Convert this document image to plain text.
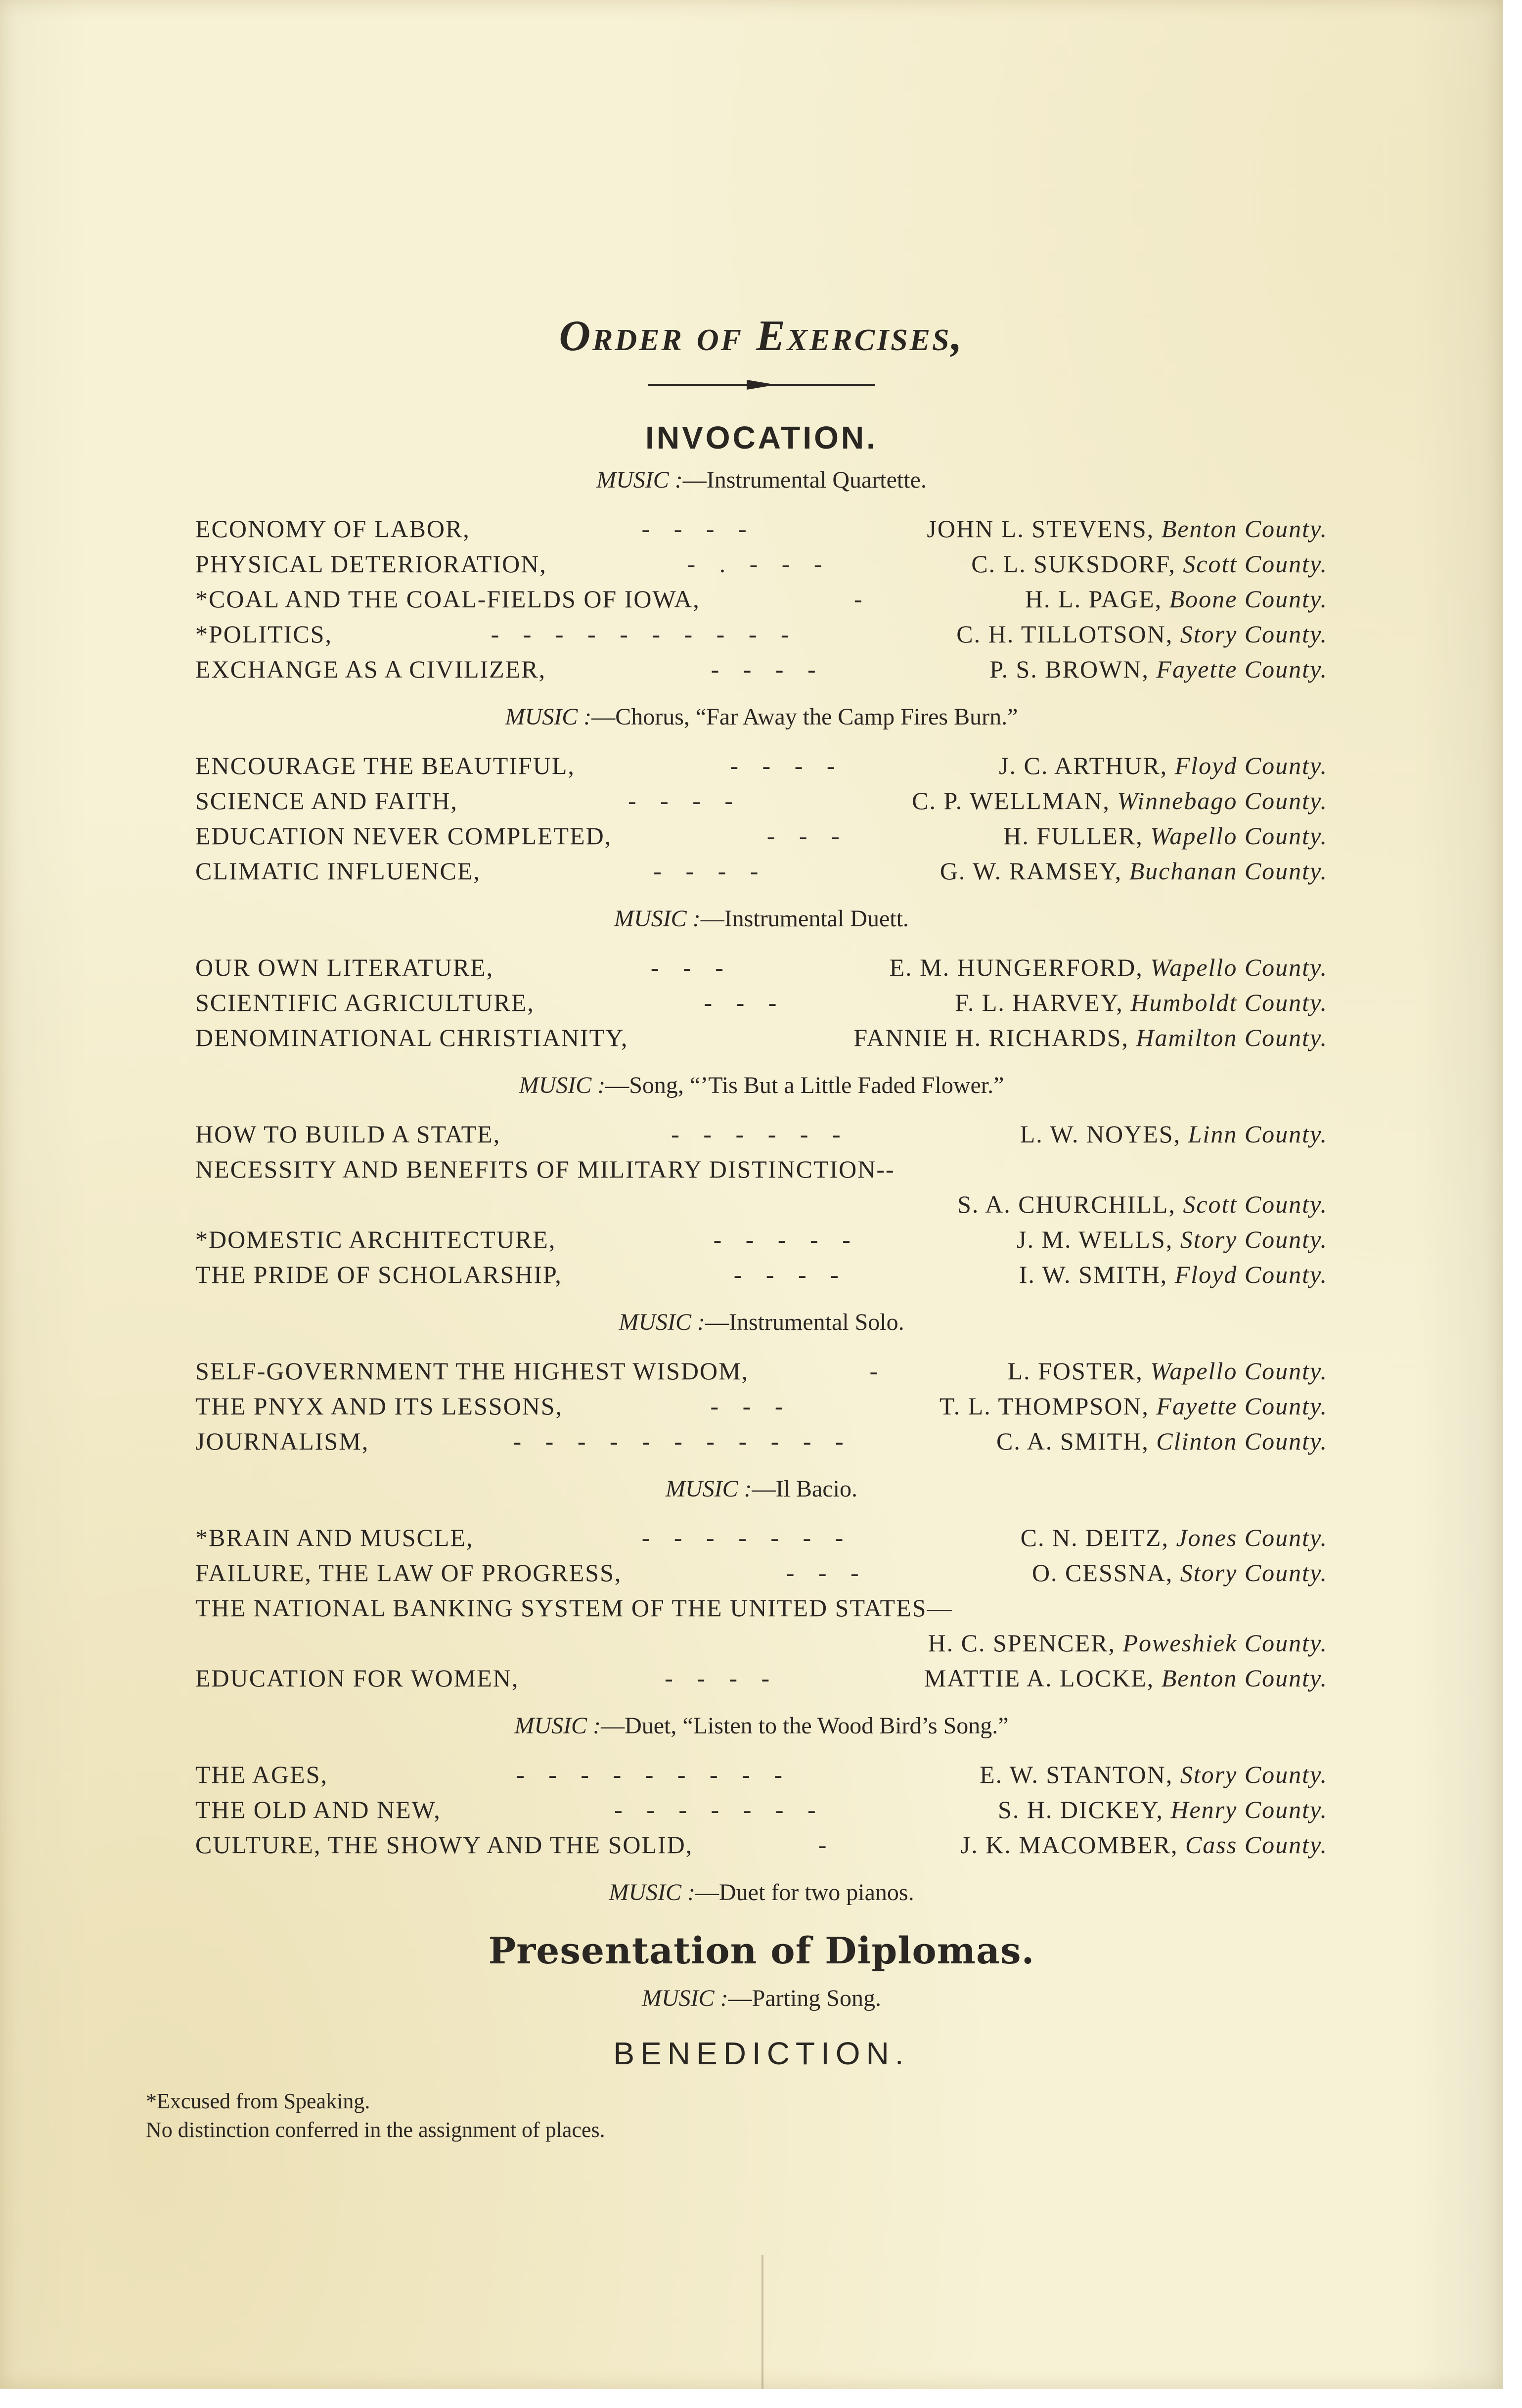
Order of Exercises,
INVOCATION.
MUSIC :—Instrumental Quartette.
ECONOMY OF LABOR,	- - - -	JOHN L. STEVENS, Benton County.
PHYSICAL DETERIORATION,	- . - - -	C. L. SUKSDORF, Scott County.
*COAL AND THE COAL-FIELDS OF IOWA,	-	H. L. PAGE, Boone County.
*POLITICS,	- - - - - - - - - -	C. H. TILLOTSON, Story County.
EXCHANGE AS A CIVILIZER,	- - - -	P. S. BROWN, Fayette County.
MUSIC :—Chorus, “Far Away the Camp Fires Burn.”
ENCOURAGE THE BEAUTIFUL,	- - - -	J. C. ARTHUR, Floyd County.
SCIENCE AND FAITH,	- - - -	C. P. WELLMAN, Winnebago County.
EDUCATION NEVER COMPLETED,	- - -	H. FULLER, Wapello County.
CLIMATIC INFLUENCE,	- - - -	G. W. RAMSEY, Buchanan County.
MUSIC :—Instrumental Duett.
OUR OWN LITERATURE,	- - -	E. M. HUNGERFORD, Wapello County.
SCIENTIFIC AGRICULTURE,	- - -	F. L. HARVEY, Humboldt County.
DENOMINATIONAL CHRISTIANITY,	FANNIE H. RICHARDS, Hamilton County.
MUSIC :—Song, “’Tis But a Little Faded Flower.”
HOW TO BUILD A STATE,	- - - - - -	L. W. NOYES, Linn County.
NECESSITY AND BENEFITS OF MILITARY DISTINCTION--
S. A. CHURCHILL, Scott County.
*DOMESTIC ARCHITECTURE,	- - - - -	J. M. WELLS, Story County.
THE PRIDE OF SCHOLARSHIP,	- - - -	I. W. SMITH, Floyd County.
MUSIC :—Instrumental Solo.
SELF-GOVERNMENT THE HIGHEST WISDOM,	-	L. FOSTER, Wapello County.
THE PNYX AND ITS LESSONS,	- - -	T. L. THOMPSON, Fayette County.
JOURNALISM,	- - - - - - - - - - -	C. A. SMITH, Clinton County.
MUSIC :—Il Bacio.
*BRAIN AND MUSCLE,	- - - - - - -	C. N. DEITZ, Jones County.
FAILURE, THE LAW OF PROGRESS,	- - -	O. CESSNA, Story County.
THE NATIONAL BANKING SYSTEM OF THE UNITED STATES—
H. C. SPENCER, Poweshiek County.
EDUCATION FOR WOMEN,	- - - -	MATTIE A. LOCKE, Benton County.
MUSIC :—Duet, “Listen to the Wood Bird’s Song.”
THE AGES,	- - - - - - - - -	E. W. STANTON, Story County.
THE OLD AND NEW,	- - - - - - -	S. H. DICKEY, Henry County.
CULTURE, THE SHOWY AND THE SOLID,	-	J. K. MACOMBER, Cass County.
MUSIC :—Duet for two pianos.
Presentation of Diplomas.
MUSIC :—Parting Song.
BENEDICTION.
*Excused from Speaking.
No distinction conferred in the assignment of places.
